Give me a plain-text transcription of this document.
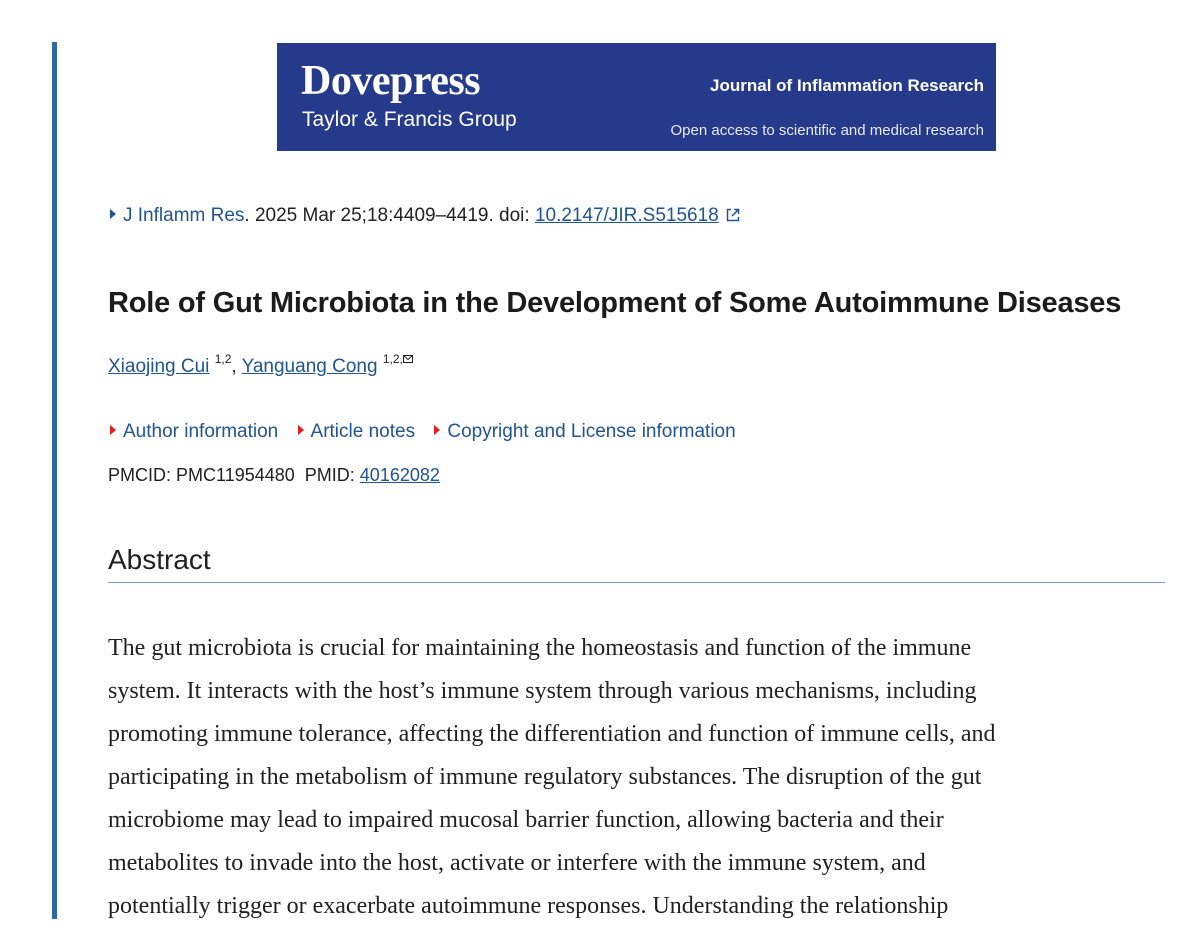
Dovepress
Taylor & Francis Group
Journal of Inflammation Research
Open access to scientific and medical research
J Inflamm Res. 2025 Mar 25;18:4409–4419. doi: 10.2147/JIR.S515618
Role of Gut Microbiota in the Development of Some Autoimmune Diseases
Xiaojing Cui $^{1,2}$, Yanguang Cong $^{1,2,}$
Author information Article notes Copyright and License information
PMCID: PMC11954480 PMID: 40162082
Abstract

The gut microbiota is crucial for maintaining the homeostasis and function of the immune
system. It interacts with the host’s immune system through various mechanisms, including
promoting immune tolerance, affecting the differentiation and function of immune cells, and
participating in the metabolism of immune regulatory substances. The disruption of the gut
microbiome may lead to impaired mucosal barrier function, allowing bacteria and their
metabolites to invade into the host, activate or interfere with the immune system, and
potentially trigger or exacerbate autoimmune responses. Understanding the relationship
